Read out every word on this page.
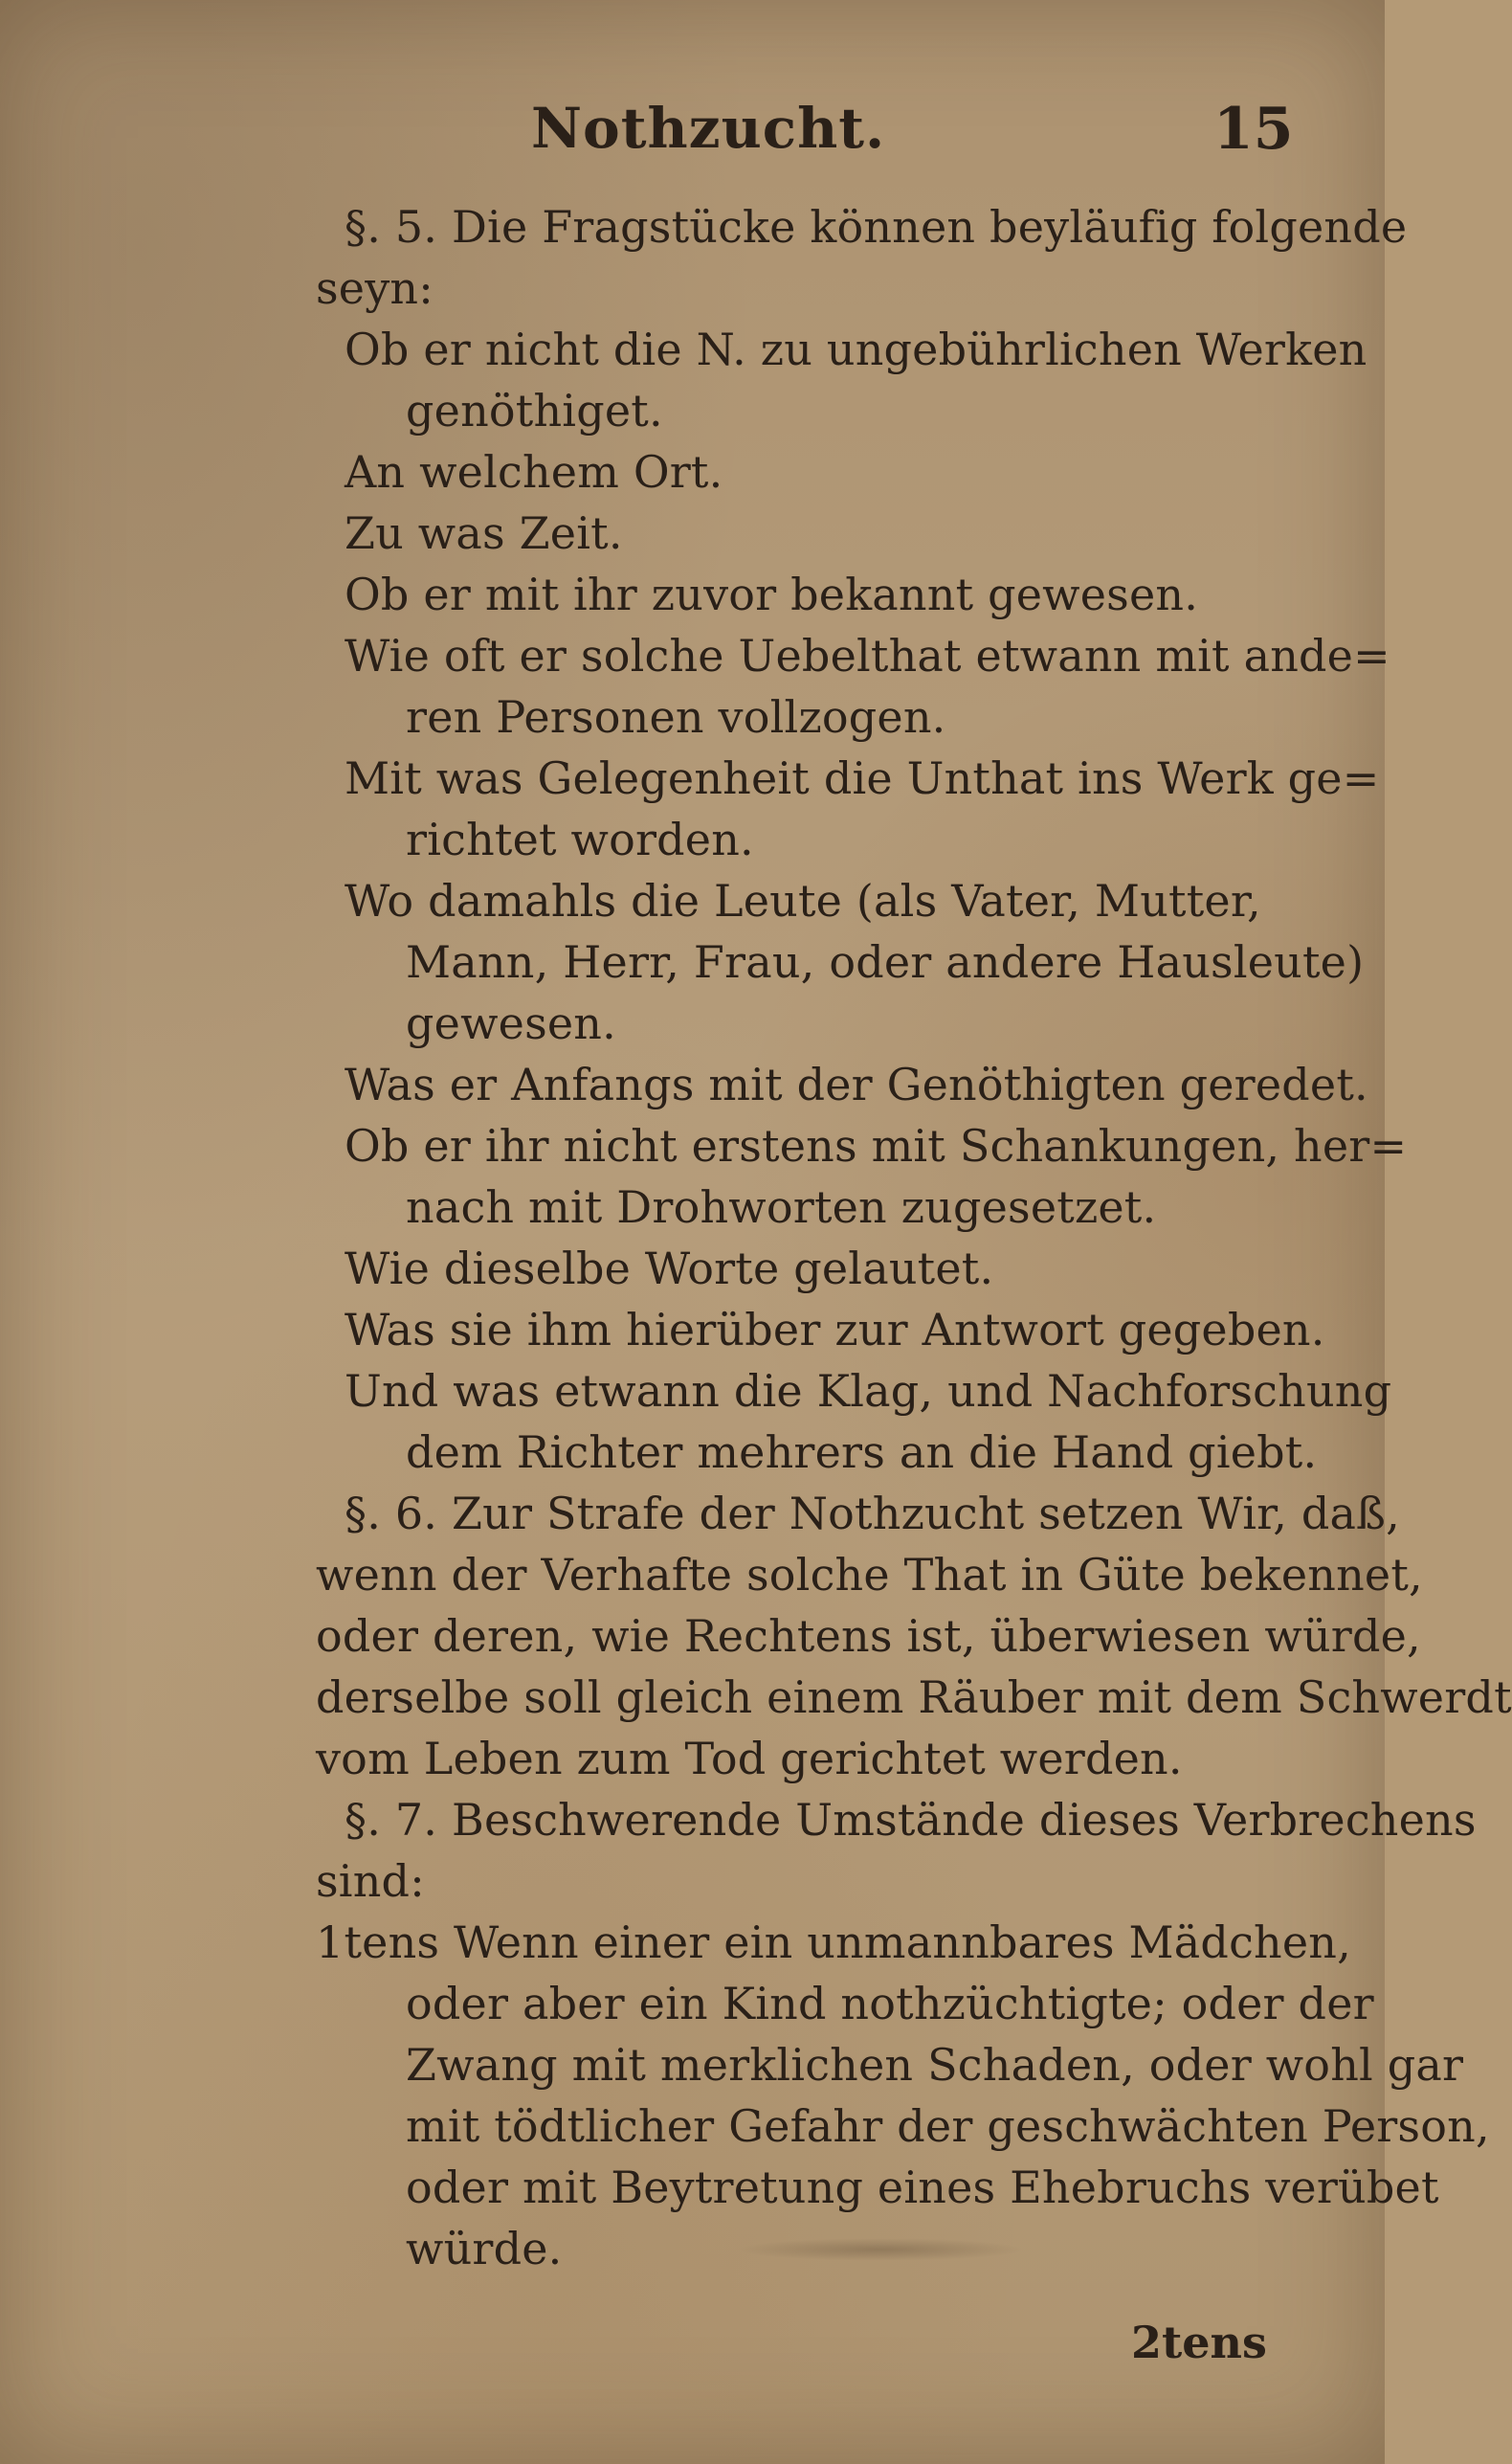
Nothzucht.	15
§. 5. Die Fragstücke können beyläufig folgende
seyn:
Ob er nicht die N. zu ungebührlichen Werken
genöthiget.
An welchem Ort.
Zu was Zeit.
Ob er mit ihr zuvor bekannt gewesen.
Wie oft er solche Uebelthat etwann mit ande=
ren Personen vollzogen.
Mit was Gelegenheit die Unthat ins Werk ge=
richtet worden.
Wo damahls die Leute (als Vater, Mutter,
Mann, Herr, Frau, oder andere Hausleute)
gewesen.
Was er Anfangs mit der Genöthigten geredet.
Ob er ihr nicht erstens mit Schankungen, her=
nach mit Drohworten zugesetzet.
Wie dieselbe Worte gelautet.
Was sie ihm hierüber zur Antwort gegeben.
Und was etwann die Klag, und Nachforschung
dem Richter mehrers an die Hand giebt.
§. 6. Zur Strafe der Nothzucht setzen Wir, daß,
wenn der Verhafte solche That in Güte bekennet,
oder deren, wie Rechtens ist, überwiesen würde,
derselbe soll gleich einem Räuber mit dem Schwerdt
vom Leben zum Tod gerichtet werden.
§. 7. Beschwerende Umstände dieses Verbrechens
sind:
1tens Wenn einer ein unmannbares Mädchen,
oder aber ein Kind nothzüchtigte; oder der
Zwang mit merklichen Schaden, oder wohl gar
mit tödtlicher Gefahr der geschwächten Person,
oder mit Beytretung eines Ehebruchs verübet
würde.
2tens
